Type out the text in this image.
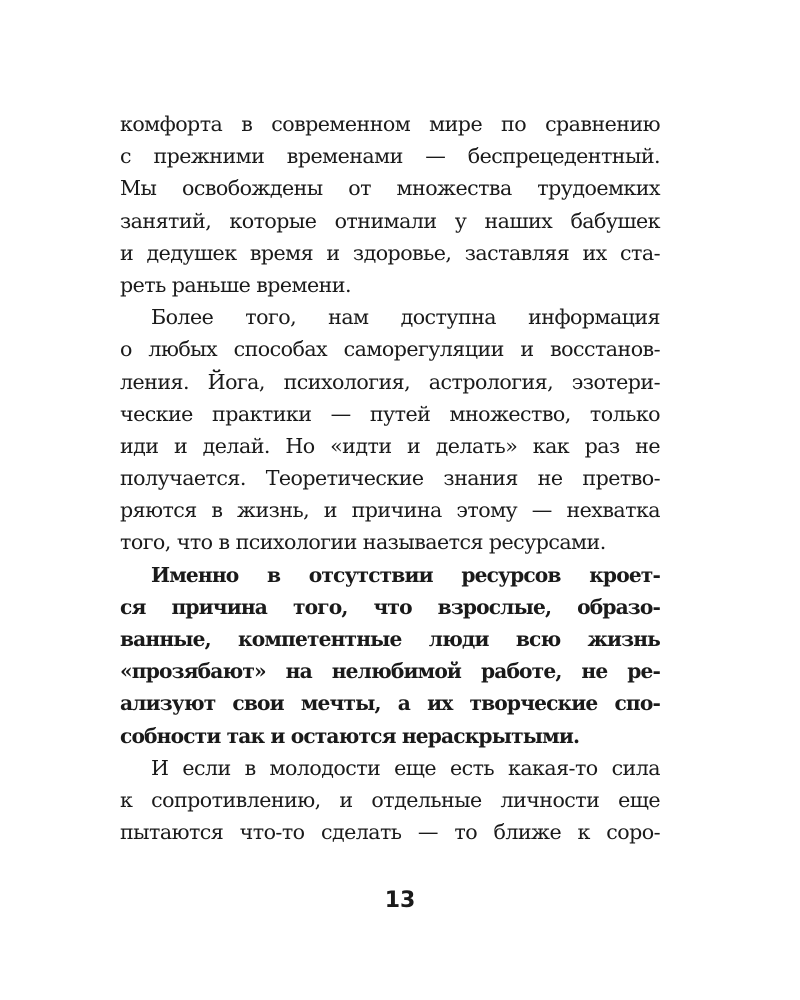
комфорта в современном мире по сравнению
с прежними временами — беспрецедентный.
Мы освобождены от множества трудоемких
занятий, которые отнимали у наших бабушек
и дедушек время и здоровье, заставляя их ста-
реть раньше времени.
Более того, нам доступна информация
о любых способах саморегуляции и восстанов-
ления. Йога, психология, астрология, эзотери-
ческие практики — путей множество, только
иди и делай. Но «идти и делать» как раз не
получается. Теоретические знания не претво-
ряются в жизнь, и причина этому — нехватка
того, что в психологии называется ресурсами.
Именно в отсутствии ресурсов кроет-
ся причина того, что взрослые, образо-
ванные, компетентные люди всю жизнь
«прозябают» на нелюбимой работе, не ре-
ализуют свои мечты, а их творческие спо-
собности так и остаются нераскрытыми.
И если в молодости еще есть какая-то сила
к сопротивлению, и отдельные личности еще
пытаются что-то сделать — то ближе к соро-
13
